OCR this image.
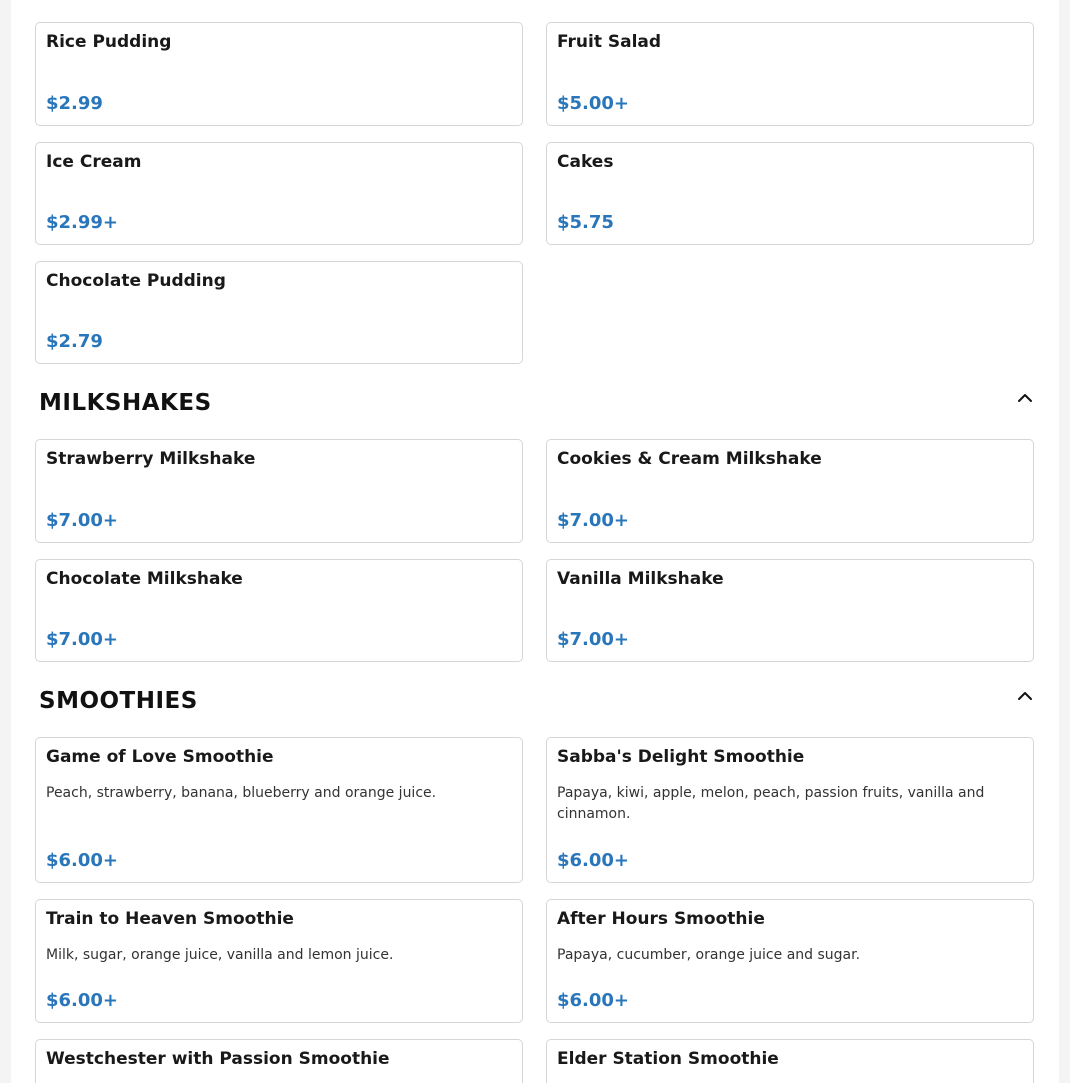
Rice Pudding
$2.99
Fruit Salad
$5.00+
Ice Cream
$2.99+
Cakes
$5.75
Chocolate Pudding
$2.79
MILKSHAKES
Strawberry Milkshake
$7.00+
Cookies & Cream Milkshake
$7.00+
Chocolate Milkshake
$7.00+
Vanilla Milkshake
$7.00+
SMOOTHIES
Game of Love Smoothie
Peach, strawberry, banana, blueberry and orange juice.
$6.00+
Sabba's Delight Smoothie
Papaya, kiwi, apple, melon, peach, passion fruits, vanilla and cinnamon.
$6.00+
Train to Heaven Smoothie
Milk, sugar, orange juice, vanilla and lemon juice.
$6.00+
After Hours Smoothie
Papaya, cucumber, orange juice and sugar.
$6.00+
Westchester with Passion Smoothie	Elder Station Smoothie
